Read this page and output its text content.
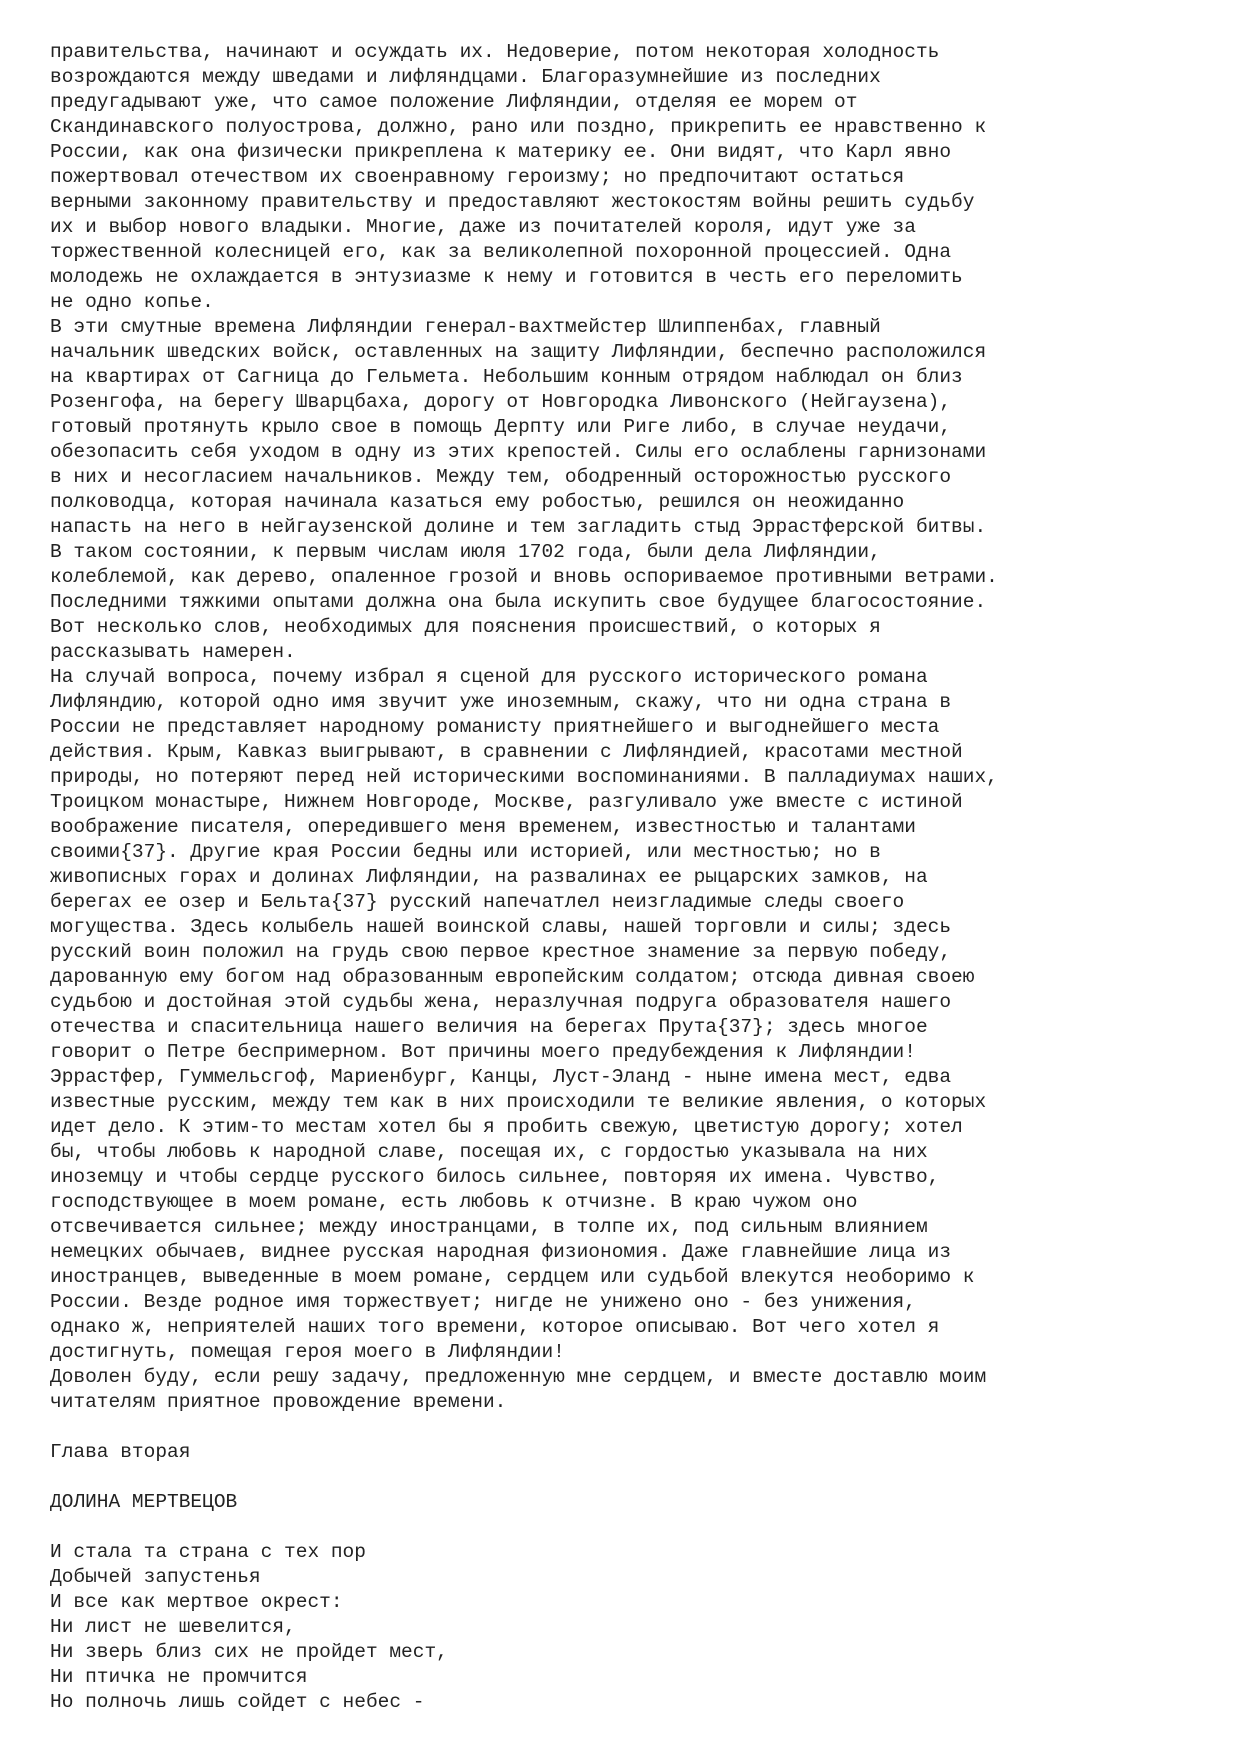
правительства, начинают и осуждать их. Недоверие, потом некоторая холодность
возрождаются между шведами и лифляндцами. Благоразумнейшие из последних
предугадывают уже, что самое положение Лифляндии, отделяя ее морем от
Скандинавского полуострова, должно, рано или поздно, прикрепить ее нравственно к
России, как она физически прикреплена к материку ее. Они видят, что Карл явно
пожертвовал отечеством их своенравному героизму; но предпочитают остаться
верными законному правительству и предоставляют жестокостям войны решить судьбу
их и выбор нового владыки. Многие, даже из почитателей короля, идут уже за
торжественной колесницей его, как за великолепной похоронной процессией. Одна
молодежь не охлаждается в энтузиазме к нему и готовится в честь его переломить
не одно копье.
В эти смутные времена Лифляндии генерал-вахтмейстер Шлиппенбах, главный
начальник шведских войск, оставленных на защиту Лифляндии, беспечно расположился
на квартирах от Сагница до Гельмета. Небольшим конным отрядом наблюдал он близ
Розенгофа, на берегу Шварцбаха, дорогу от Новгородка Ливонского (Нейгаузена),
готовый протянуть крыло свое в помощь Дерпту или Риге либо, в случае неудачи,
обезопасить себя уходом в одну из этих крепостей. Силы его ослаблены гарнизонами
в них и несогласием начальников. Между тем, ободренный осторожностью русского
полководца, которая начинала казаться ему робостью, решился он неожиданно
напасть на него в нейгаузенской долине и тем загладить стыд Эррастферской битвы.
В таком состоянии, к первым числам июля 1702 года, были дела Лифляндии,
колеблемой, как дерево, опаленное грозой и вновь оспориваемое противными ветрами.
Последними тяжкими опытами должна она была искупить свое будущее благосостояние.
Вот несколько слов, необходимых для пояснения происшествий, о которых я
рассказывать намерен.
На случай вопроса, почему избрал я сценой для русского исторического романа
Лифляндию, которой одно имя звучит уже иноземным, скажу, что ни одна страна в
России не представляет народному романисту приятнейшего и выгоднейшего места
действия. Крым, Кавказ выигрывают, в сравнении с Лифляндией, красотами местной
природы, но потеряют перед ней историческими воспоминаниями. В палладиумах наших,
Троицком монастыре, Нижнем Новгороде, Москве, разгуливало уже вместе с истиной
воображение писателя, опередившего меня временем, известностью и талантами
своими{37}. Другие края России бедны или историей, или местностью; но в
живописных горах и долинах Лифляндии, на развалинах ее рыцарских замков, на
берегах ее озер и Бельта{37} русский напечатлел неизгладимые следы своего
могущества. Здесь колыбель нашей воинской славы, нашей торговли и силы; здесь
русский воин положил на грудь свою первое крестное знамение за первую победу,
дарованную ему богом над образованным европейским солдатом; отсюда дивная своею
судьбою и достойная этой судьбы жена, неразлучная подруга образователя нашего
отечества и спасительница нашего величия на берегах Прута{37}; здесь многое
говорит о Петре беспримерном. Вот причины моего предубеждения к Лифляндии!
Эррастфер, Гуммельсгоф, Мариенбург, Канцы, Луст-Эланд - ныне имена мест, едва
известные русским, между тем как в них происходили те великие явления, о которых
идет дело. К этим-то местам хотел бы я пробить свежую, цветистую дорогу; хотел
бы, чтобы любовь к народной славе, посещая их, с гордостью указывала на них
иноземцу и чтобы сердце русского билось сильнее, повторяя их имена. Чувство,
господствующее в моем романе, есть любовь к отчизне. В краю чужом оно
отсвечивается сильнее; между иностранцами, в толпе их, под сильным влиянием
немецких обычаев, виднее русская народная физиономия. Даже главнейшие лица из
иностранцев, выведенные в моем романе, сердцем или судьбой влекутся необоримо к
России. Везде родное имя торжествует; нигде не унижено оно - без унижения,
однако ж, неприятелей наших того времени, которое описываю. Вот чего хотел я
достигнуть, помещая героя моего в Лифляндии!
Доволен буду, если решу задачу, предложенную мне сердцем, и вместе доставлю моим
читателям приятное провождение времени.
Глава вторая
ДОЛИНА МЕРТВЕЦОВ
И стала та страна с тех пор
Добычей запустенья
И все как мертвое окрест:
Ни лист не шевелится,
Ни зверь близ сих не пройдет мест,
Ни птичка не промчится
Но полночь лишь сойдет с небес -
